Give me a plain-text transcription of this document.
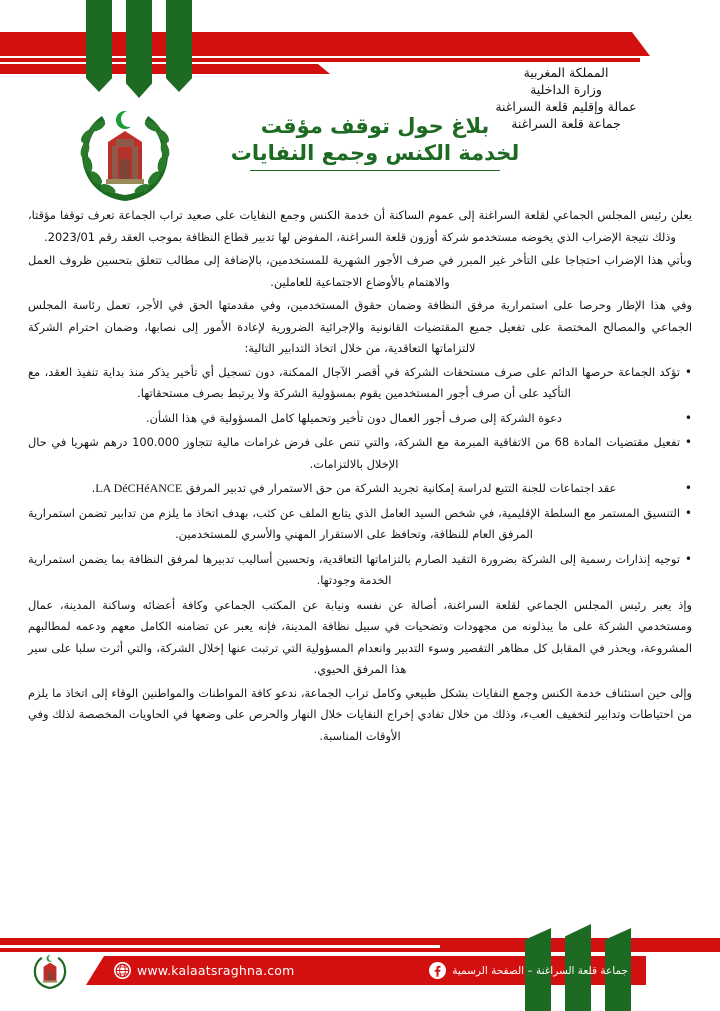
المملكة المغربية
وزارة الداخلية
عمالة وإقليم قلعة السراغنة
جماعة قلعة السراغنة
بلاغ حول توقف مؤقت
لخدمة الكنس وجمع النفايات

يعلن رئيس المجلس الجماعي لقلعة السراغنة إلى عموم الساكنة أن خدمة الكنس وجمع النفايات على صعيد تراب الجماعة تعرف توقفا مؤقتا، وذلك نتيجة الإضراب الذي يخوضه مستخدمو شركة أوزون قلعة السراغنة، المفوض لها تدبير قطاع النظافة بموجب العقد رقم 2023/01.

وبأتي هذا الإضراب احتجاجا على التأخر غير المبرر في صرف الأجور الشهرية للمستخدمين، بالإضافة إلى مطالب تتعلق بتحسين ظروف العمل والاهتمام بالأوضاع الاجتماعية للعاملين.

وفي هذا الإطار وحرصا على استمرارية مرفق النظافة وضمان حقوق المستخدمين، وفي مقدمتها الحق في الأجر، تعمل رئاسة المجلس الجماعي والمصالح المختصة على تفعيل جميع المقتضيات القانونية والإجرائية الضرورية لإعادة الأمور إلى نصابها، وضمان احترام الشركة لالتزاماتها التعاقدية، من خلال اتخاذ التدابير التالية:

• تؤكد الجماعة حرصها الدائم على صرف مستحقات الشركة في أقصر الآجال الممكنة، دون تسجيل أي تأخير يذكر منذ بداية تنفيذ العقد، مع التأكيد على أن صرف أجور المستخدمين يقوم بمسؤولية الشركة ولا يرتبط بصرف مستحقاتها.
• دعوة الشركة إلى صرف أجور العمال دون تأخير وتحميلها كامل المسؤولية في هذا الشأن.
• تفعيل مقتضيات المادة 68 من الاتفاقية المبرمة مع الشركة، والتي تنص على فرض غرامات مالية تتجاوز 100.000 درهم شهريا في حال الإخلال بالالتزامات.
• عقد اجتماعات للجنة التتبع لدراسة إمكانية تجريد الشركة من حق الاستمرار في تدبير المرفق LA DéCHéANCE.
• التنسيق المستمر مع السلطة الإقليمية، في شخص السيد العامل الذي يتابع الملف عن كثب، بهدف اتخاذ ما يلزم من تدابير تضمن استمرارية المرفق العام للنظافة، وتحافظ على الاستقرار المهني والأسري للمستخدمين.
• توجيه إنذارات رسمية إلى الشركة بضرورة التقيد الصارم بالتزاماتها التعاقدية، وتحسين أساليب تدبيرها لمرفق النظافة بما يضمن استمرارية الخدمة وجودتها.

وإذ يعبر رئيس المجلس الجماعي لقلعة السراغنة، أصالة عن نفسه ونيابة عن المكتب الجماعي وكافة أعضائه وساكنة المدينة، عمال ومستخدمي الشركة على ما يبذلونه من مجهودات وتضحيات في سبيل نظافة المدينة، فإنه يعبر عن تضامنه الكامل معهم ودعمه لمطالبهم المشروعة، ويحذر في المقابل كل مظاهر التقصير وسوء التدبير وانعدام المسؤولية التي ترتبت عنها إخلال الشركة، والتي أثرت سلبا على سير هذا المرفق الحيوي.

وإلى حين استئناف خدمة الكنس وجمع النفايات بشكل طبيعي وكامل تراب الجماعة، ندعو كافة المواطنات والمواطنين الوقاء إلى اتخاذ ما يلزم من احتياطات وتدابير لتخفيف العبء، وذلك من خلال تفادي إخراج النفايات خلال النهار والحرص على وضعها في الحاويات المخصصة لذلك وفي الأوقات المناسبة.

www.kalaatsraghna.com	جماعة قلعة السراغنة – الصفحة الرسمية
